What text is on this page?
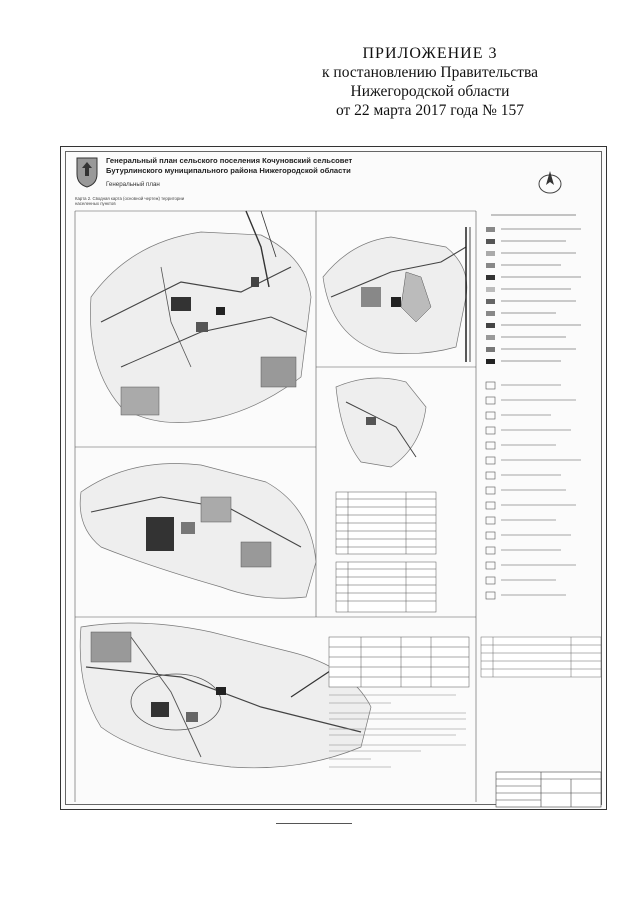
ПРИЛОЖЕНИЕ 3
к постановлению Правительства
Нижегородской области
от 22 марта 2017 года № 157
Генеральный план сельского поселения Кочуновский сельсовет
Бутурлинского муниципального района Нижегородской области
Генеральный план
Карта 2. Сводная карта (основной чертеж) территории населенных пунктов
